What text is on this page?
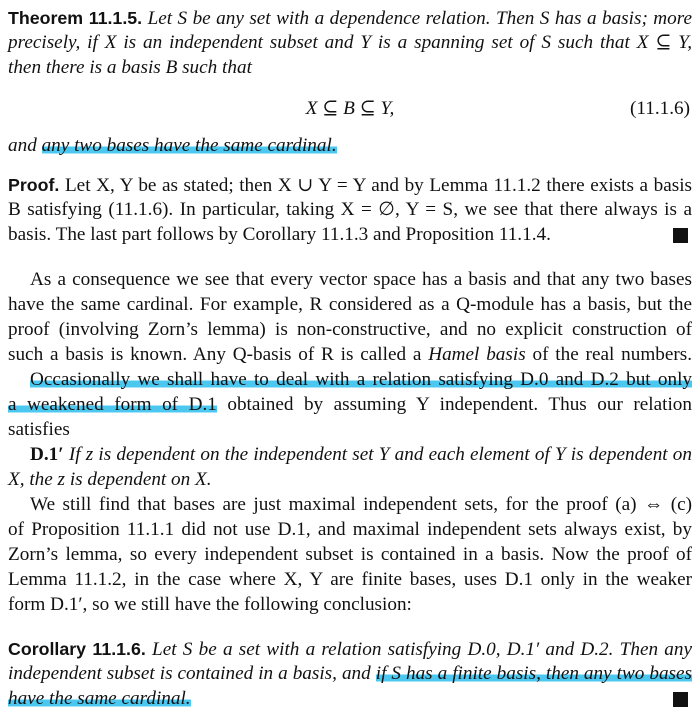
Theorem 11.1.5. Let S be any set with a dependence relation. Then S has a basis; more
precisely, if X is an independent subset and Y is a spanning set of S such that X ⊆ Y,
then there is a basis B such that
X ⊆ B ⊆ Y,	(11.1.6)
and any two bases have the same cardinal.
Proof. Let X, Y be as stated; then X ∪ Y = Y and by Lemma 11.1.2 there exists a basis
B satisfying (11.1.6). In particular, taking X = ∅, Y = S, we see that there always is a
basis. The last part follows by Corollary 11.1.3 and Proposition 11.1.4.
As a consequence we see that every vector space has a basis and that any two bases
have the same cardinal. For example, R considered as a Q-module has a basis, but the
proof (involving Zorn’s lemma) is non-constructive, and no explicit construction of
such a basis is known. Any Q-basis of R is called a Hamel basis of the real numbers.
Occasionally we shall have to deal with a relation satisfying D.0 and D.2 but only
a weakened form of D.1 obtained by assuming Y independent. Thus our relation
satisfies
D.1′ If z is dependent on the independent set Y and each element of Y is dependent on
X, the z is dependent on X.
We still find that bases are just maximal independent sets, for the proof (a) ⇔ (c)
of Proposition 11.1.1 did not use D.1, and maximal independent sets always exist, by
Zorn’s lemma, so every independent subset is contained in a basis. Now the proof of
Lemma 11.1.2, in the case where X, Y are finite bases, uses D.1 only in the weaker
form D.1′, so we still have the following conclusion:
Corollary 11.1.6. Let S be a set with a relation satisfying D.0, D.1′ and D.2. Then any
independent subset is contained in a basis, and if S has a finite basis, then any two bases
have the same cardinal.
